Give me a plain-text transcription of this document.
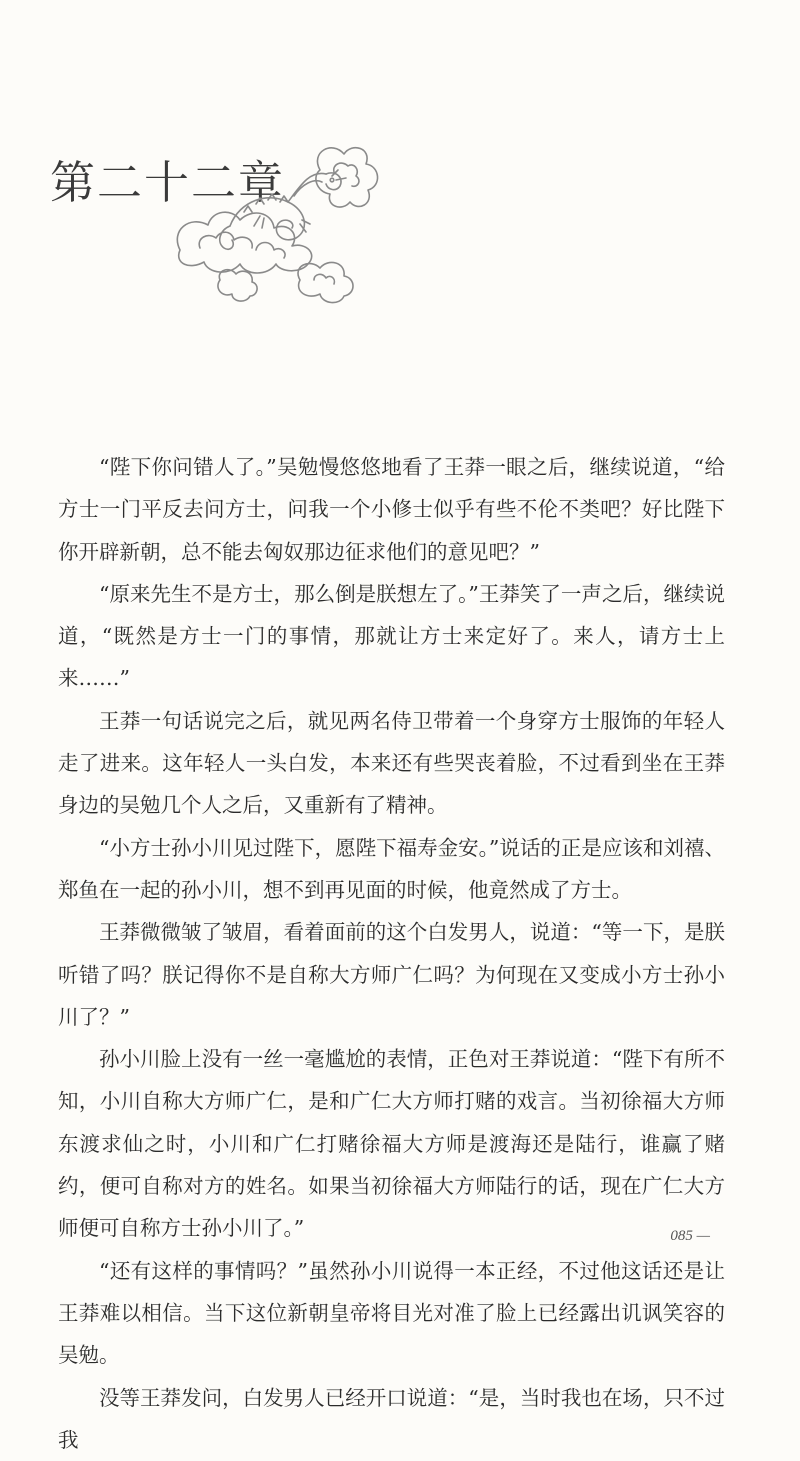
第二十二章

“陛下你问错人了。”吴勉慢悠悠地看了王莽一眼之后，继续说道，“给方士一门平反去问方士，问我一个小修士似乎有些不伦不类吧？好比陛下你开辟新朝，总不能去匈奴那边征求他们的意见吧？”

“原来先生不是方士，那么倒是朕想左了。”王莽笑了一声之后，继续说道，“既然是方士一门的事情，那就让方士来定好了。来人，请方士上来……”

王莽一句话说完之后，就见两名侍卫带着一个身穿方士服饰的年轻人走了进来。这年轻人一头白发，本来还有些哭丧着脸，不过看到坐在王莽身边的吴勉几个人之后，又重新有了精神。

“小方士孙小川见过陛下，愿陛下福寿金安。”说话的正是应该和刘禧、郑鱼在一起的孙小川，想不到再见面的时候，他竟然成了方士。

王莽微微皱了皱眉，看着面前的这个白发男人，说道：“等一下，是朕听错了吗？朕记得你不是自称大方师广仁吗？为何现在又变成小方士孙小川了？”

孙小川脸上没有一丝一毫尴尬的表情，正色对王莽说道：“陛下有所不知，小川自称大方师广仁，是和广仁大方师打赌的戏言。当初徐福大方师东渡求仙之时，小川和广仁打赌徐福大方师是渡海还是陆行，谁赢了赌约，便可自称对方的姓名。如果当初徐福大方师陆行的话，现在广仁大方师便可自称方士孙小川了。”

“还有这样的事情吗？”虽然孙小川说得一本正经，不过他这话还是让王莽难以相信。当下这位新朝皇帝将目光对准了脸上已经露出讥讽笑容的吴勉。

没等王莽发问，白发男人已经开口说道：“是，当时我也在场，只不过我

085 —
